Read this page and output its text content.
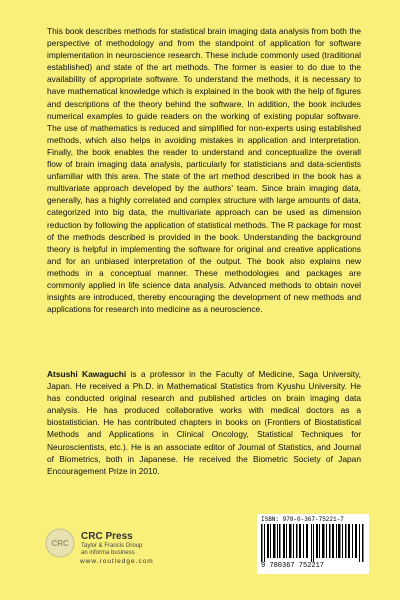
This book describes methods for statistical brain imaging data analysis from both the perspective of methodology and from the standpoint of application for software implementation in neuroscience research. These include commonly used (traditional established) and state of the art methods. The former is easier to do due to the availability of appropriate software. To understand the methods, it is necessary to have mathematical knowledge which is explained in the book with the help of figures and descriptions of the theory behind the software. In addition, the book includes numerical examples to guide readers on the working of existing popular software. The use of mathematics is reduced and simplified for non-experts using established methods, which also helps in avoiding mistakes in application and interpretation. Finally, the book enables the reader to understand and conceptualize the overall flow of brain imaging data analysis, particularly for statisticians and data-scientists unfamiliar with this area. The state of the art method described in the book has a multivariate approach developed by the authors' team. Since brain imaging data, generally, has a highly correlated and complex structure with large amounts of data, categorized into big data, the multivariate approach can be used as dimension reduction by following the application of statistical methods. The R package for most of the methods described is provided in the book. Understanding the background theory is helpful in implementing the software for original and creative applications and for an unbiased interpretation of the output. The book also explains new methods in a conceptual manner. These methodologies and packages are commonly applied in life science data analysis. Advanced methods to obtain novel insights are introduced, thereby encouraging the development of new methods and applications for research into medicine as a neuroscience.

Atsushi Kawaguchi is a professor in the Faculty of Medicine, Saga University, Japan. He received a Ph.D. in Mathematical Statistics from Kyushu University. He has conducted original research and published articles on brain imaging data analysis. He has produced collaborative works with medical doctors as a biostatistician. He has contributed chapters in books on (Frontiers of Biostatistical Methods and Applications in Clinical Oncology, Statistical Techniques for Neuroscientists, etc.). He is an associate editor of Journal of Statistics, and Journal of Biometrics, both in Japanese. He received the Biometric Society of Japan Encouragement Prize in 2010.
CRC
CRC Press
Taylor & Francis Group
an informa business
www.routledge.com
ISBN: 978-0-367-75221-7
9 780367 752217
